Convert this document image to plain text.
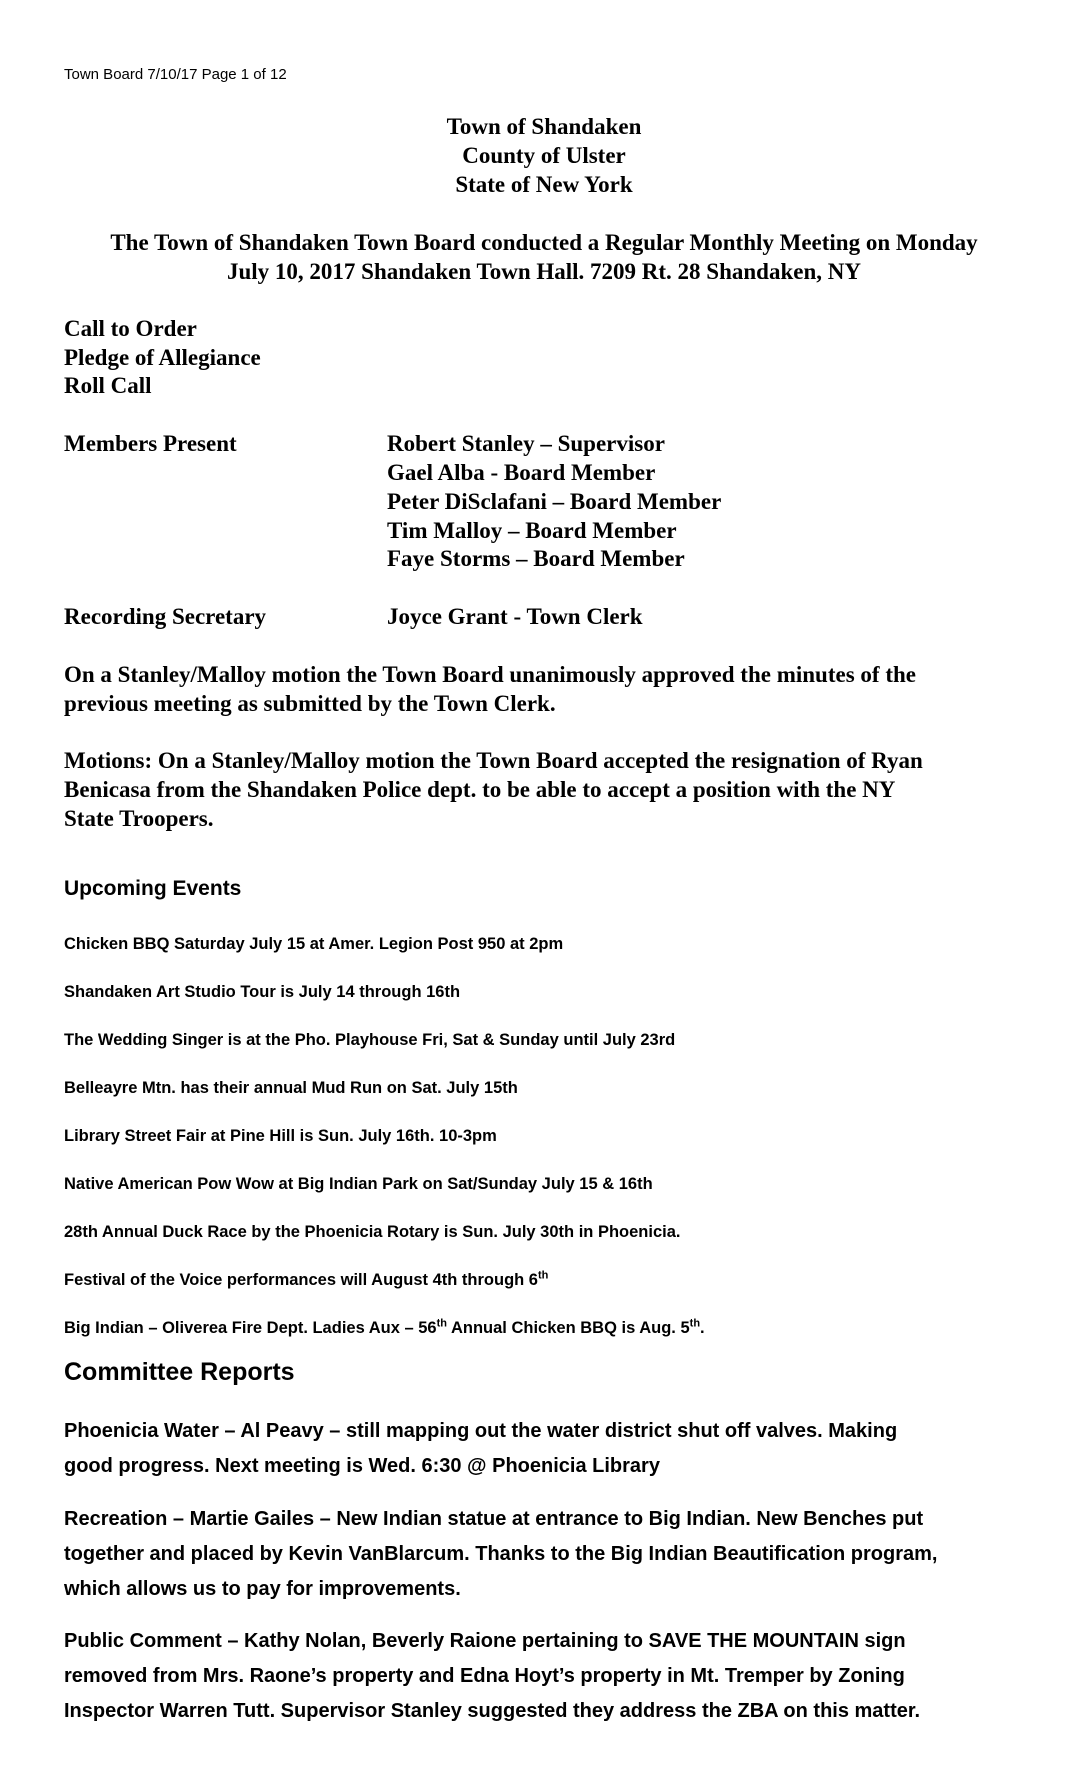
Town Board 7/10/17 Page 1 of 12
Town of Shandaken
County of Ulster
State of New York
The Town of Shandaken Town Board conducted a Regular Monthly Meeting on Monday
July 10, 2017 Shandaken Town Hall. 7209 Rt. 28 Shandaken, NY
Call to Order
Pledge of Allegiance
Roll Call
Members Present	Robert Stanley – Supervisor
Gael Alba - Board Member
Peter DiSclafani – Board Member
Tim Malloy – Board Member
Faye Storms – Board Member
Recording Secretary	Joyce Grant - Town Clerk
On a Stanley/Malloy motion the Town Board unanimously approved the minutes of the
previous meeting as submitted by the Town Clerk.
Motions: On a Stanley/Malloy motion the Town Board accepted the resignation of Ryan
Benicasa from the Shandaken Police dept. to be able to accept a position with the NY
State Troopers.
Upcoming Events
Chicken BBQ Saturday July 15 at Amer. Legion Post 950 at 2pm
Shandaken Art Studio Tour is July 14 through 16th
The Wedding Singer is at the Pho. Playhouse Fri, Sat & Sunday until July 23rd
Belleayre Mtn. has their annual Mud Run on Sat. July 15th
Library Street Fair at Pine Hill is Sun. July 16th. 10-3pm
Native American Pow Wow at Big Indian Park on Sat/Sunday July 15 & 16th
28th Annual Duck Race by the Phoenicia Rotary is Sun. July 30th in Phoenicia.
Festival of the Voice performances will August 4th through 6th
Big Indian – Oliverea Fire Dept. Ladies Aux – 56th Annual Chicken BBQ is Aug. 5th.
Committee Reports
Phoenicia Water – Al Peavy – still mapping out the water district shut off valves. Making
good progress. Next meeting is Wed. 6:30 @ Phoenicia Library
Recreation – Martie Gailes – New Indian statue at entrance to Big Indian. New Benches put
together and placed by Kevin VanBlarcum. Thanks to the Big Indian Beautification program,
which allows us to pay for improvements.
Public Comment – Kathy Nolan, Beverly Raione pertaining to SAVE THE MOUNTAIN sign
removed from Mrs. Raone’s property and Edna Hoyt’s property in Mt. Tremper by Zoning
Inspector Warren Tutt. Supervisor Stanley suggested they address the ZBA on this matter.
